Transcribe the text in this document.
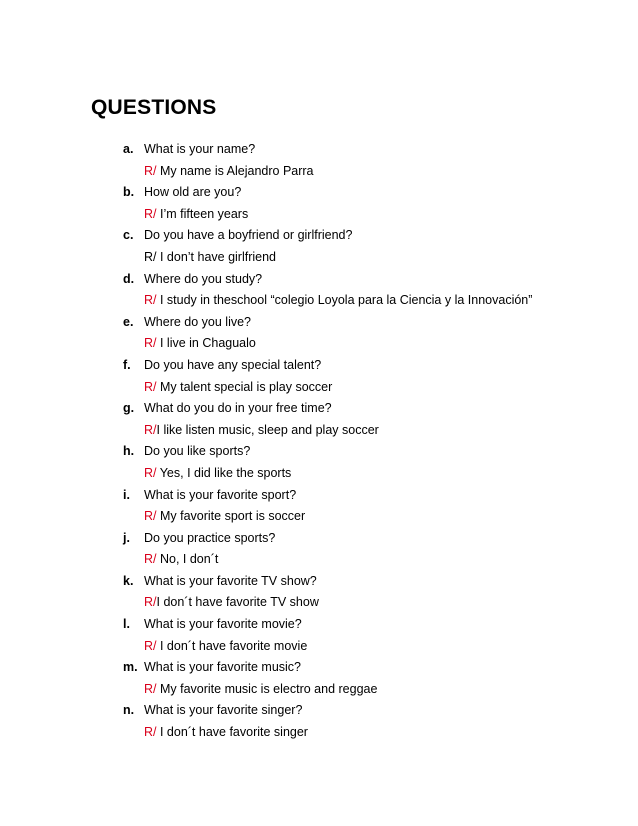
QUESTIONS
a. What is your name?
R/ My name is Alejandro Parra
b. How old are you?
R/ I’m fifteen years
c. Do you have a boyfriend or girlfriend?
R/ I don’t have girlfriend
d. Where do you study?
R/ I study in theschool “colegio Loyola para la Ciencia y la Innovación”
e. Where do you live?
R/ I live in Chagualo
f. Do you have any special talent?
R/ My talent special is play soccer
g. What do you do in your free time?
R/I like listen music, sleep and play soccer
h. Do you like sports?
R/ Yes, I did like the sports
i. What is your favorite sport?
R/ My favorite sport is soccer
j. Do you practice sports?
R/ No, I don´t
k. What is your favorite TV show?
R/I don´t have favorite TV show
l. What is your favorite movie?
R/ I don´t have favorite movie
m. What is your favorite music?
R/ My favorite music is electro and reggae
n. What is your favorite singer?
R/ I don´t have favorite singer
